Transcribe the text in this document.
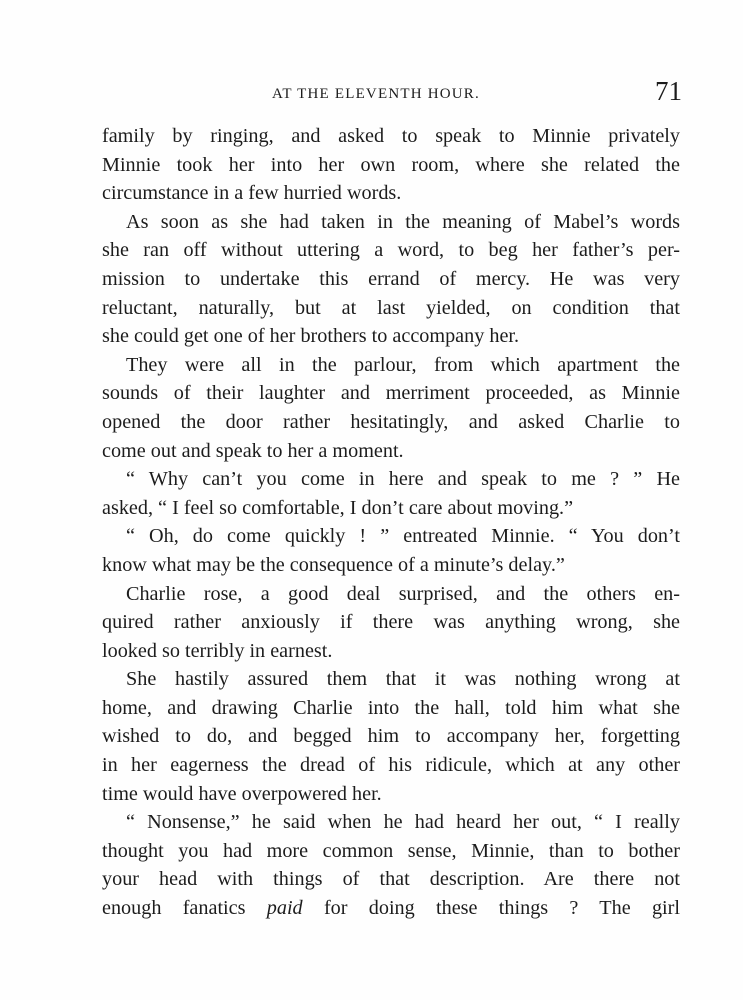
AT THE ELEVENTH HOUR.	71
family by ringing, and asked to speak to Minnie privately
Minnie took her into her own room, where she related the
circumstance in a few hurried words.
As soon as she had taken in the meaning of Mabel’s words
she ran off without uttering a word, to beg her father’s per-
mission to undertake this errand of mercy. He was very
reluctant, naturally, but at last yielded, on condition that
she could get one of her brothers to accompany her.
They were all in the parlour, from which apartment the
sounds of their laughter and merriment proceeded, as Minnie
opened the door rather hesitatingly, and asked Charlie to
come out and speak to her a moment.
“ Why can’t you come in here and speak to me ? ” He
asked, “ I feel so comfortable, I don’t care about moving.”
“ Oh, do come quickly ! ” entreated Minnie. “ You don’t
know what may be the consequence of a minute’s delay.”
Charlie rose, a good deal surprised, and the others en-
quired rather anxiously if there was anything wrong, she
looked so terribly in earnest.
She hastily assured them that it was nothing wrong at
home, and drawing Charlie into the hall, told him what she
wished to do, and begged him to accompany her, forgetting
in her eagerness the dread of his ridicule, which at any other
time would have overpowered her.
“ Nonsense,” he said when he had heard her out, “ I really
thought you had more common sense, Minnie, than to bother
your head with things of that description. Are there not
enough fanatics paid for doing these things ? The girl
